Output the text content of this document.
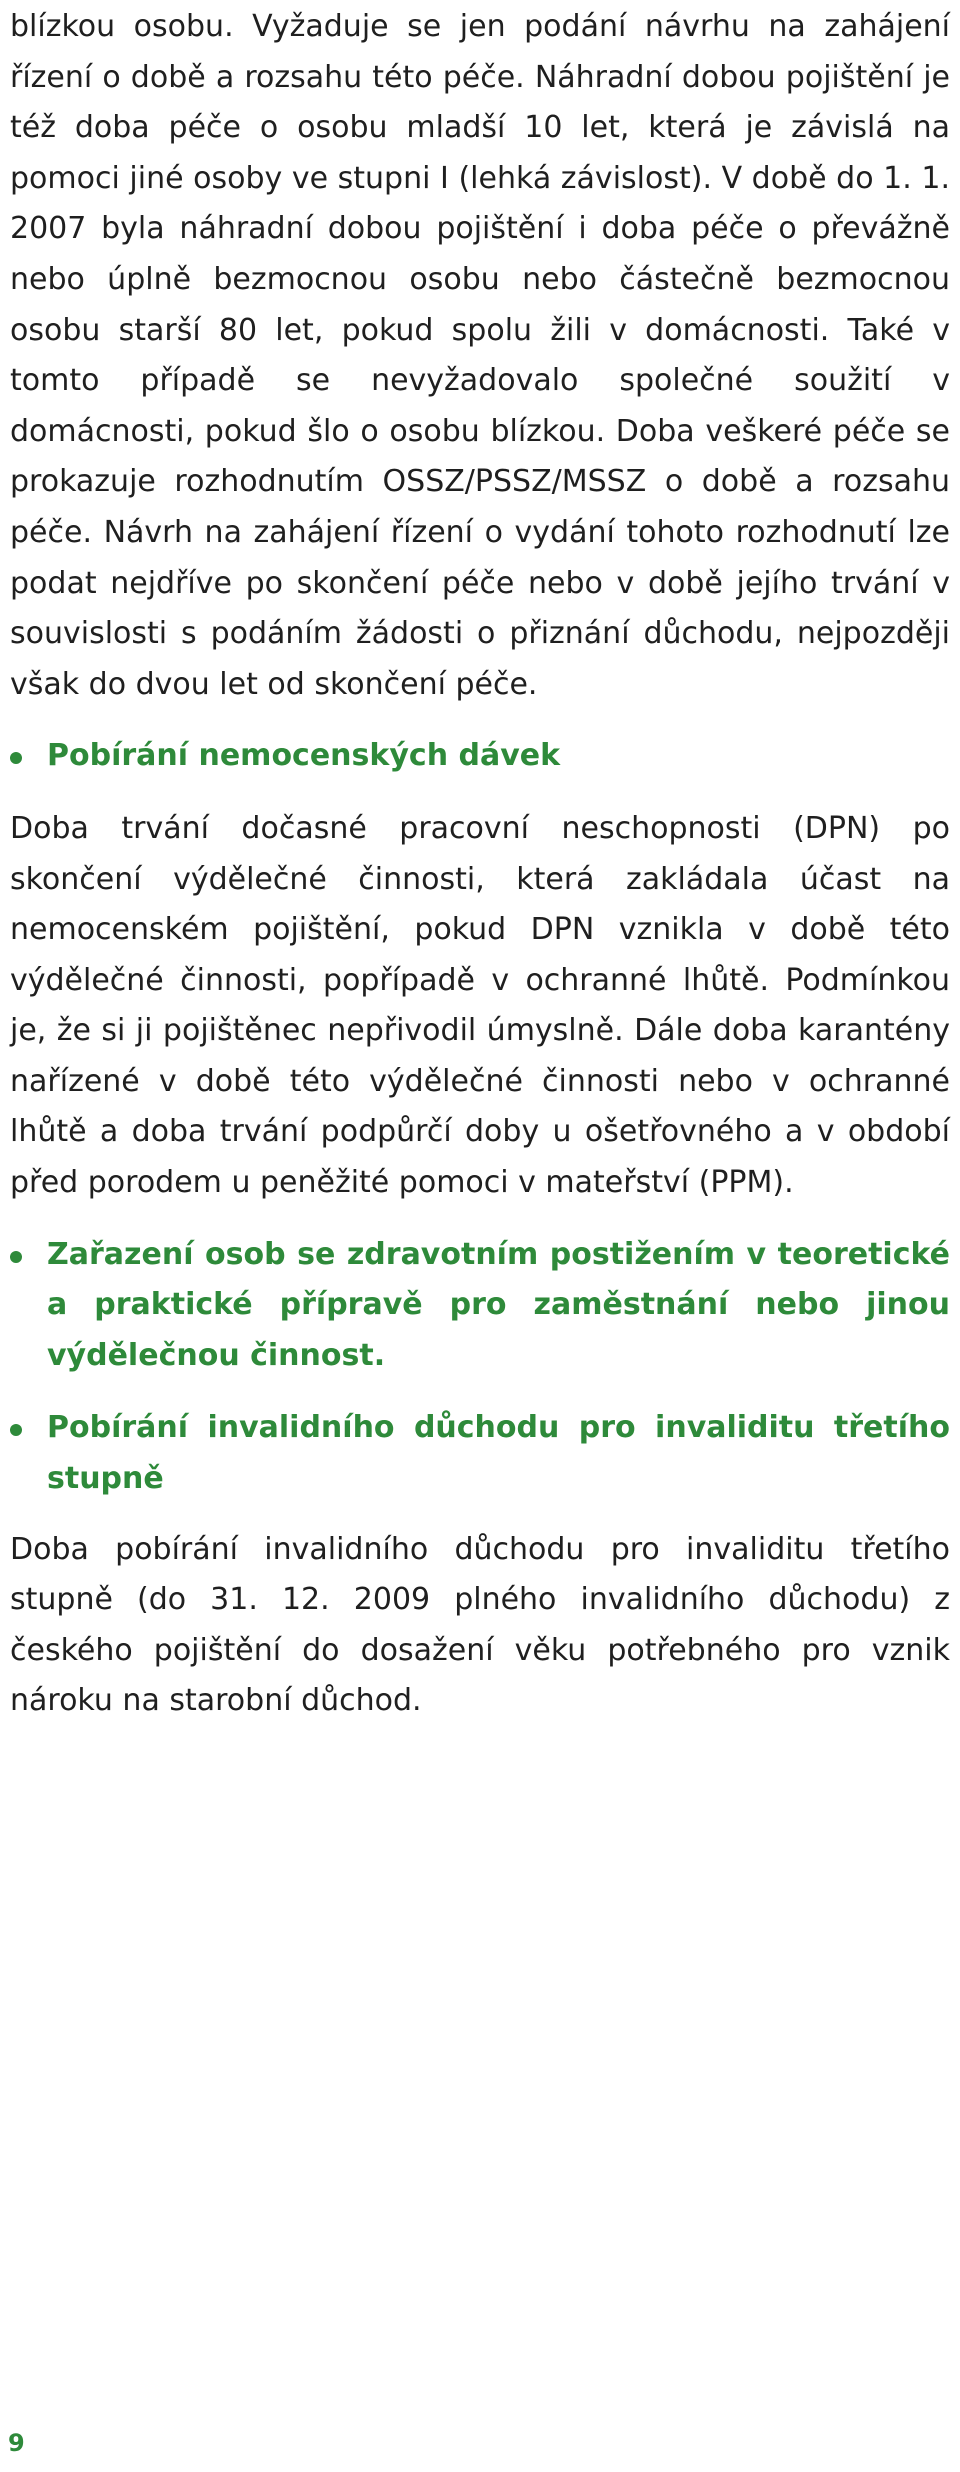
blízkou osobu. Vyžaduje se jen podání návrhu na zahájení řízení o době a rozsahu této péče. Náhradní dobou pojištění je též doba péče o osobu mladší 10 let, která je závislá na pomoci jiné osoby ve stupni I (lehká závislost). V době do 1. 1. 2007 byla náhradní dobou pojištění i doba péče o převážně nebo úplně bezmocnou osobu nebo částečně bezmocnou osobu starší 80 let, pokud spolu žili v domácnosti. Také v tomto případě se nevyžadovalo společné soužití v domácnosti, pokud šlo o osobu blízkou. Doba veškeré péče se prokazuje rozhodnutím OSSZ/PSSZ/MSSZ o době a rozsahu péče. Návrh na zahájení řízení o vydání tohoto rozhodnutí lze podat nejdříve po skončení péče nebo v době jejího trvání v souvislosti s podáním žádosti o přiznání důchodu, nejpozději však do dvou let od skončení péče.

Pobírání nemocenských dávek

Doba trvání dočasné pracovní neschopnosti (DPN) po skončení výdělečné činnosti, která zakládala účast na nemocenském pojištění, pokud DPN vznikla v době této výdělečné činnosti, popřípadě v ochranné lhůtě. Podmínkou je, že si ji pojištěnec nepřivodil úmyslně. Dále doba karantény nařízené v době této výdělečné činnosti nebo v ochranné lhůtě a doba trvání podpůrčí doby u ošetřovného a v období před porodem u peněžité pomoci v mateřství (PPM).

Zařazení osob se zdravotním postižením v teoretické a praktické přípravě pro zaměstnání nebo jinou výdělečnou činnost.
Pobírání invalidního důchodu pro invaliditu třetího stupně

Doba pobírání invalidního důchodu pro invaliditu třetího stupně (do 31. 12. 2009 plného invalidního důchodu) z českého pojištění do dosažení věku potřebného pro vznik nároku na starobní důchod.

9
